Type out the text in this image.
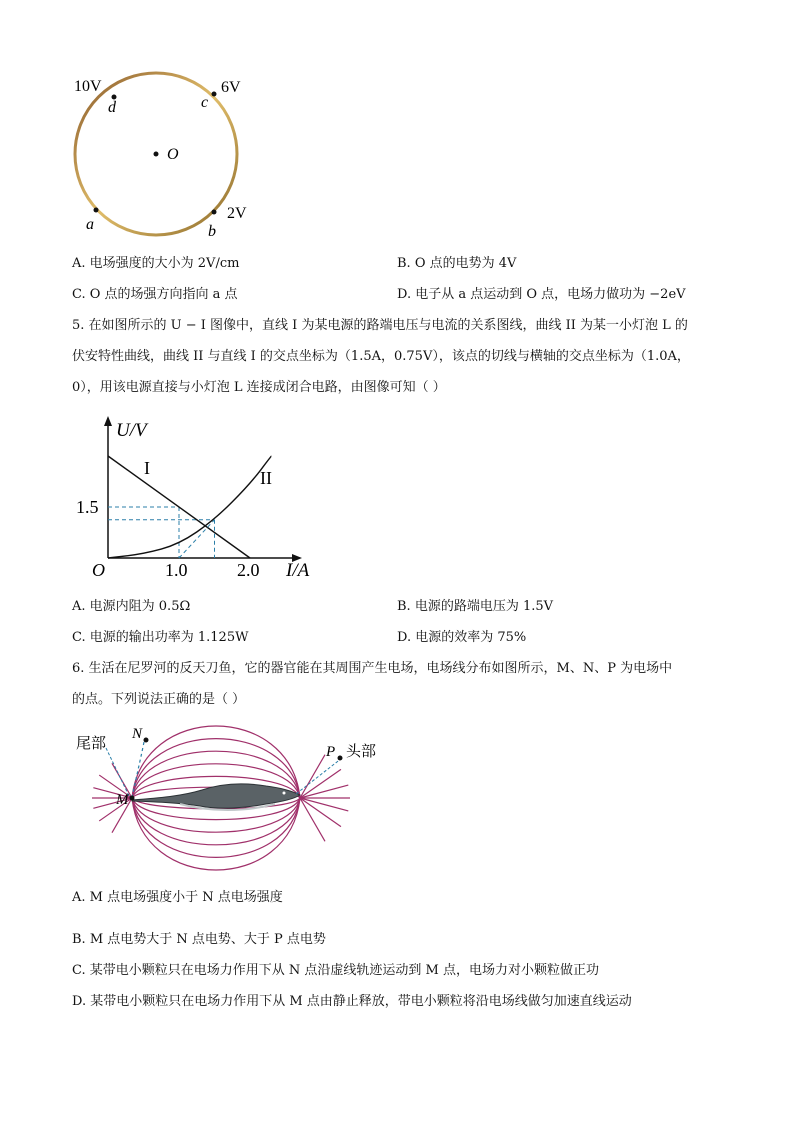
10V	6V
2V
d	c
O
a	b
A. 电场强度的大小为 2V/cm	B. O 点的电势为 4V
C. O 点的场强方向指向 a 点	D. 电子从 a 点运动到 O 点，电场力做功为 −2eV
5. 在如图所示的 U − I 图像中，直线 I 为某电源的路端电压与电流的关系图线，曲线 II 为某一小灯泡 L 的
伏安特性曲线，曲线 II 与直线 I 的交点坐标为（1.5A，0.75V），该点的切线与横轴的交点坐标为（1.0A，
0），用该电源直接与小灯泡 L 连接成闭合电路，由图像可知（ ）
U/V
I/A
O	1.0	2.0
1.5
I	II
A. 电源内阻为 0.5Ω	B. 电源的路端电压为 1.5V
C. 电源的输出功率为 1.125W	D. 电源的效率为 75%
6. 生活在尼罗河的反天刀鱼，它的器官能在其周围产生电场，电场线分布如图所示，M、N、P 为电场中
的点。下列说法正确的是（ ）
尾部	头部
N
P
M
A. M 点电场强度小于 N 点电场强度
B. M 点电势大于 N 点电势、大于 P 点电势
C. 某带电小颗粒只在电场力作用下从 N 点沿虚线轨迹运动到 M 点，电场力对小颗粒做正功
D. 某带电小颗粒只在电场力作用下从 M 点由静止释放，带电小颗粒将沿电场线做匀加速直线运动
